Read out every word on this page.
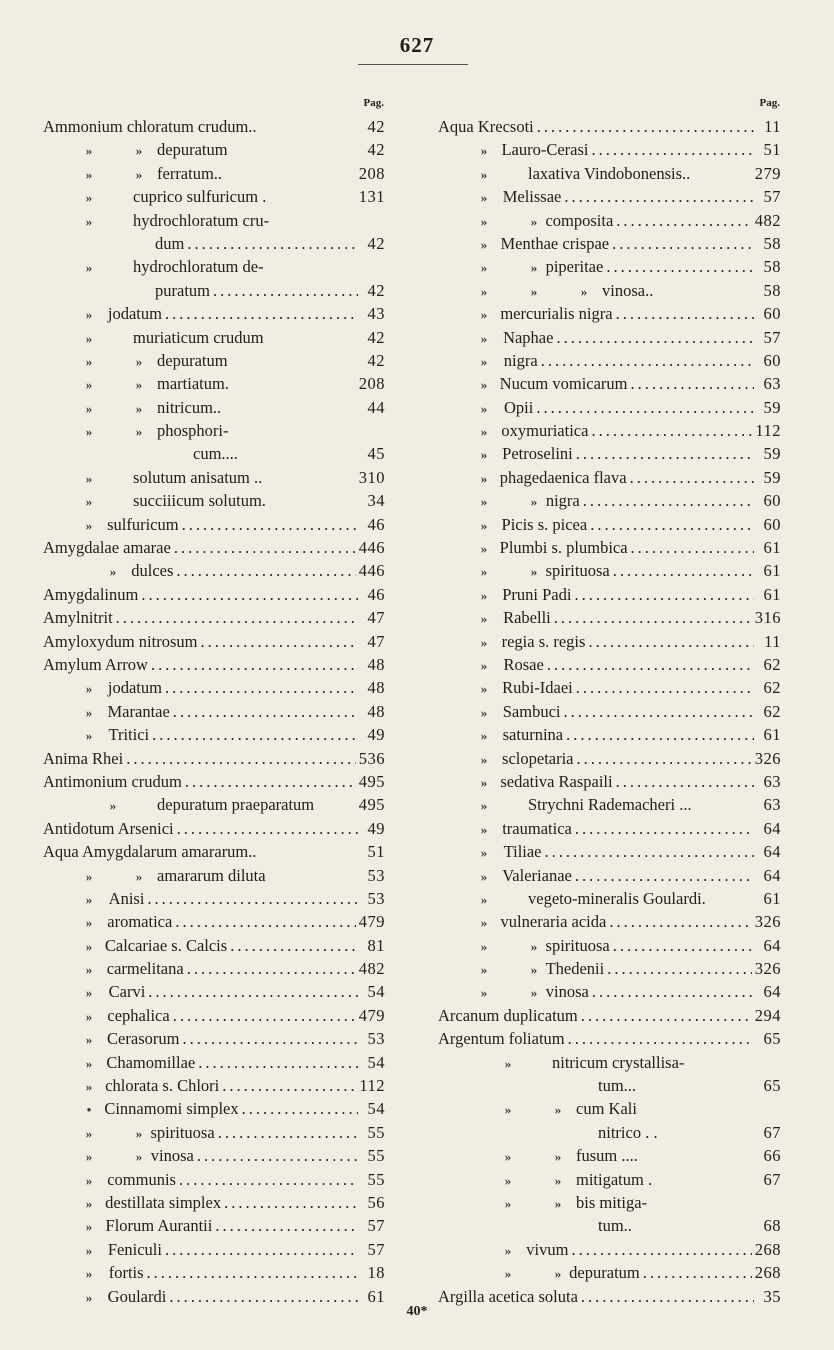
627
Pag.
Ammonium chloratum crudum..	42
»	» depuratum	42
»	» ferratum..	208
»	cuprico sulfuricum .	131
»	hydrochloratum cru-
dum .....	42
»	hydrochloratum de-
puratum .....	42
» jodatum .....	43
»	muriaticum crudum	42
»	» depuratum	42
»	» martiatum.	208
»	» nitricum..	44
»	» phosphori-
cum....	45
»	solutum anisatum ..	310
»	succiiicum solutum.	34
» sulfuricum .....	46
Amygdalae amarae .....	446
» dulces .....	446
Amygdalinum .....	46
Amylnitrit .....	47
Amyloxydum nitrosum .....	47
Amylum Arrow .....	48
» jodatum .....	48
» Marantae .....	48
» Tritici .....	49
Anima Rhei .....	536
Antimonium crudum .....	495
»	depuratum praeparatum	495
Antidotum Arsenici .....	49
Aqua Amygdalarum amararum..	51
»	» amararum diluta	53
» Anisi .....	53
» aromatica .....	479
» Calcariae s. Calcis .....	81
» carmelitana .....	482
» Carvi .....	54
» cephalica .....	479
» Cerasorum .....	53
» Chamomillae .....	54
» chlorata s. Chlori .....	112
• Cinnamomi simplex .....	54
»	» spirituosa .....	55
»	» vinosa .....	55
» communis .....	55
» destillata simplex .....	56
» Florum Aurantii .....	57
» Feniculi .....	57
» fortis .....	18
» Goulardi .....	61
Pag.
Aqua Krecsoti .....	11
» Lauro-Cerasi .....	51
»	laxativa Vindobonensis..	279
» Melissae .....	57
»	» composita .....	482
» Menthae crispae .....	58
»	» piperitae .....	58
»	»	» vinosa..	58
» mercurialis nigra .....	60
» Naphae .....	57
»	nigra .....	60
» Nucum vomicarum .....	63
»	Opii .....	59
» oxymuriatica .....	112
» Petroselini .....	59
» phagedaenica flava .....	59
»	» nigra .....	60
» Picis s. picea .....	60
» Plumbi s. plumbica .....	61
»	» spirituosa .....	61
» Pruni Padi .....	61
» Rabelli .....	316
» regia s. regis .....	11
» Rosae .....	62
» Rubi-Idaei .....	62
» Sambuci .....	62
» saturnina .....	61
» sclopetaria .....	326
» sedativa Raspaili .....	63
»	Strychni Rademacheri ...	63
» traumatica .....	64
» Tiliae .....	64
» Valerianae .....	64
»	vegeto-mineralis Goulardi.	61
» vulneraria acida .....	326
»	» spirituosa .....	64
»	» Thedenii .....	326
»	» vinosa .....	64
Arcanum duplicatum .....	294
Argentum foliatum .....	65
»	nitricum crystallisa-
tum...	65
»	» cum Kali
nitrico . .	67
»	» fusum ....	66
»	» mitigatum .	67
»	» bis mitiga-
tum..	68
» vivum .....	268
»	» depuratum .....	268
Argilla acetica soluta .....	35
40*
